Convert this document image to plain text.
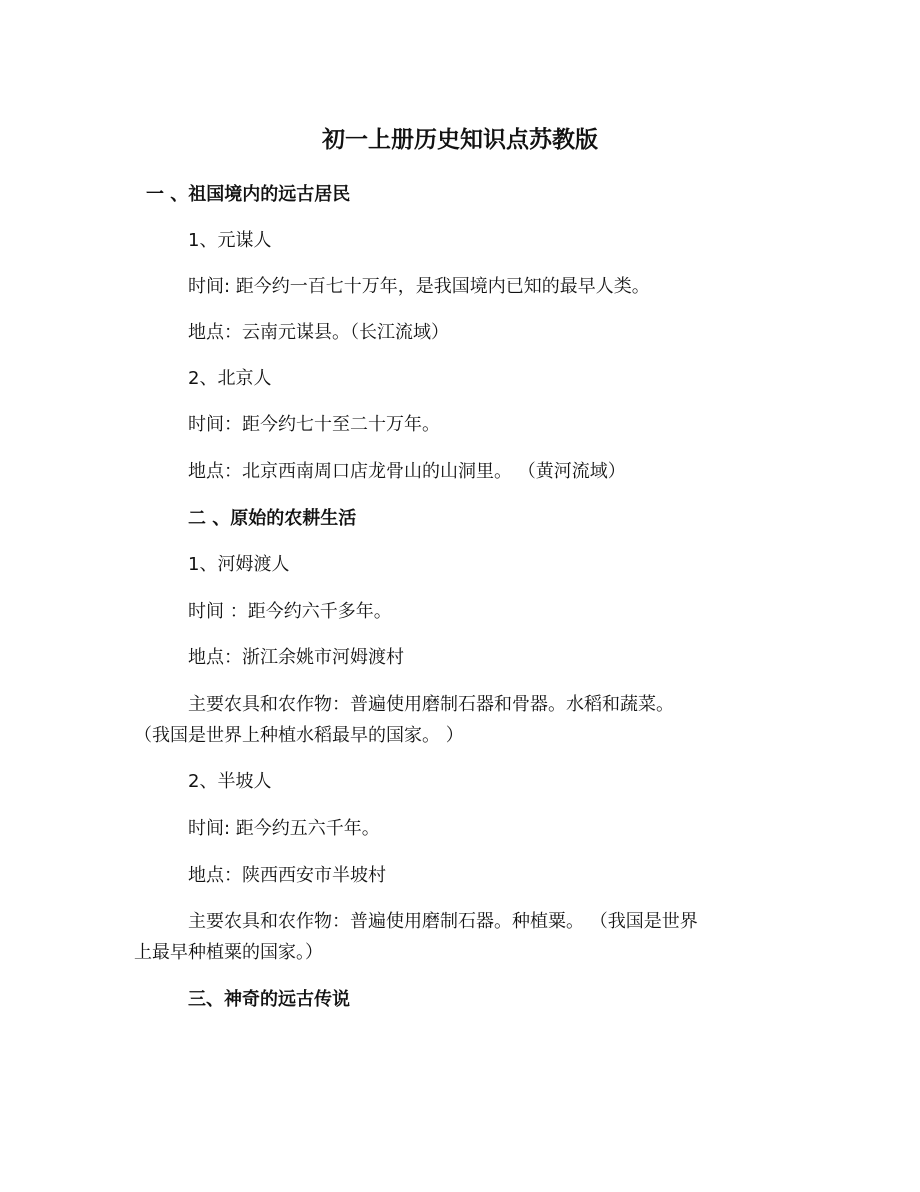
初一上册历史知识点苏教版
一 、祖国境内的远古居民
1、元谋人
时间: 距今约一百七十万年，是我国境内已知的最早人类。
地点：云南元谋县。（长江流域）
2、北京人
时间：距今约七十至二十万年。
地点：北京西南周口店龙骨山的山洞里。 （黄河流域）
二 、原始的农耕生活
1、河姆渡人
时间 ：距今约六千多年。
地点：浙江余姚市河姆渡村
主要农具和农作物：普遍使用磨制石器和骨器。水稻和蔬菜。
（我国是世界上种植水稻最早的国家。 ）
2、半坡人
时间: 距今约五六千年。
地点：陕西西安市半坡村
主要农具和农作物：普遍使用磨制石器。种植粟。 （我国是世界
上最早种植粟的国家。）
三、神奇的远古传说
